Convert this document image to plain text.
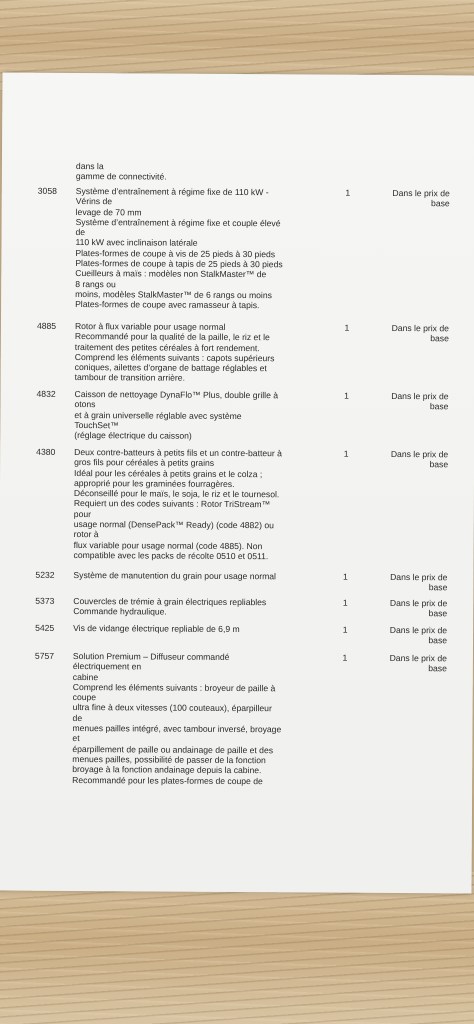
dans la
gamme de connectivité.
3058	Système d’entraînement à régime fixe de 110 kW -
Vérins de
levage de 70 mm
Système d’entraînement à régime fixe et couple élevé
de
110 kW avec inclinaison latérale
Plates-formes de coupe à vis de 25 pieds à 30 pieds
Plates-formes de coupe à tapis de 25 pieds à 30 pieds
Cueilleurs à maïs : modèles non StalkMaster™ de
8 rangs ou
moins, modèles StalkMaster™ de 6 rangs ou moins
Plates-formes de coupe avec ramasseur à tapis.
1	Dans le prix de
base
4885	Rotor à flux variable pour usage normal
Recommandé pour la qualité de la paille, le riz et le
traitement des petites céréales à fort rendement.
Comprend les éléments suivants : capots supérieurs
coniques, ailettes d’organe de battage réglables et
tambour de transition arrière.
1	Dans le prix de
base
4832	Caisson de nettoyage DynaFlo™ Plus, double grille à
otons
et à grain universelle réglable avec système
TouchSet™
(réglage électrique du caisson)
1	Dans le prix de
base
4380	Deux contre-batteurs à petits fils et un contre-batteur à
gros fils pour céréales à petits grains
Idéal pour les céréales à petits grains et le colza ;
approprié pour les graminées fourragères.
Déconseillé pour le maïs, le soja, le riz et le tournesol.
Requiert un des codes suivants : Rotor TriStream™
pour
usage normal (DensePack™ Ready) (code 4882) ou
rotor à
flux variable pour usage normal (code 4885). Non
compatible avec les packs de récolte 0510 et 0511.
1	Dans le prix de
base
5232	Système de manutention du grain pour usage normal	1	Dans le prix de
base
5373	Couvercles de trémie à grain électriques repliables
Commande hydraulique.
1	Dans le prix de
base
5425	Vis de vidange électrique repliable de 6,9 m	1	Dans le prix de
base
5757	Solution Premium – Diffuseur commandé
électriquement en
cabine
Comprend les éléments suivants : broyeur de paille à
coupe
ultra fine à deux vitesses (100 couteaux), éparpilleur
de
menues pailles intégré, avec tambour inversé, broyage
et
éparpillement de paille ou andainage de paille et des
menues pailles, possibilité de passer de la fonction
broyage à la fonction andainage depuis la cabine.
Recommandé pour les plates-formes de coupe de
1	Dans le prix de
base
